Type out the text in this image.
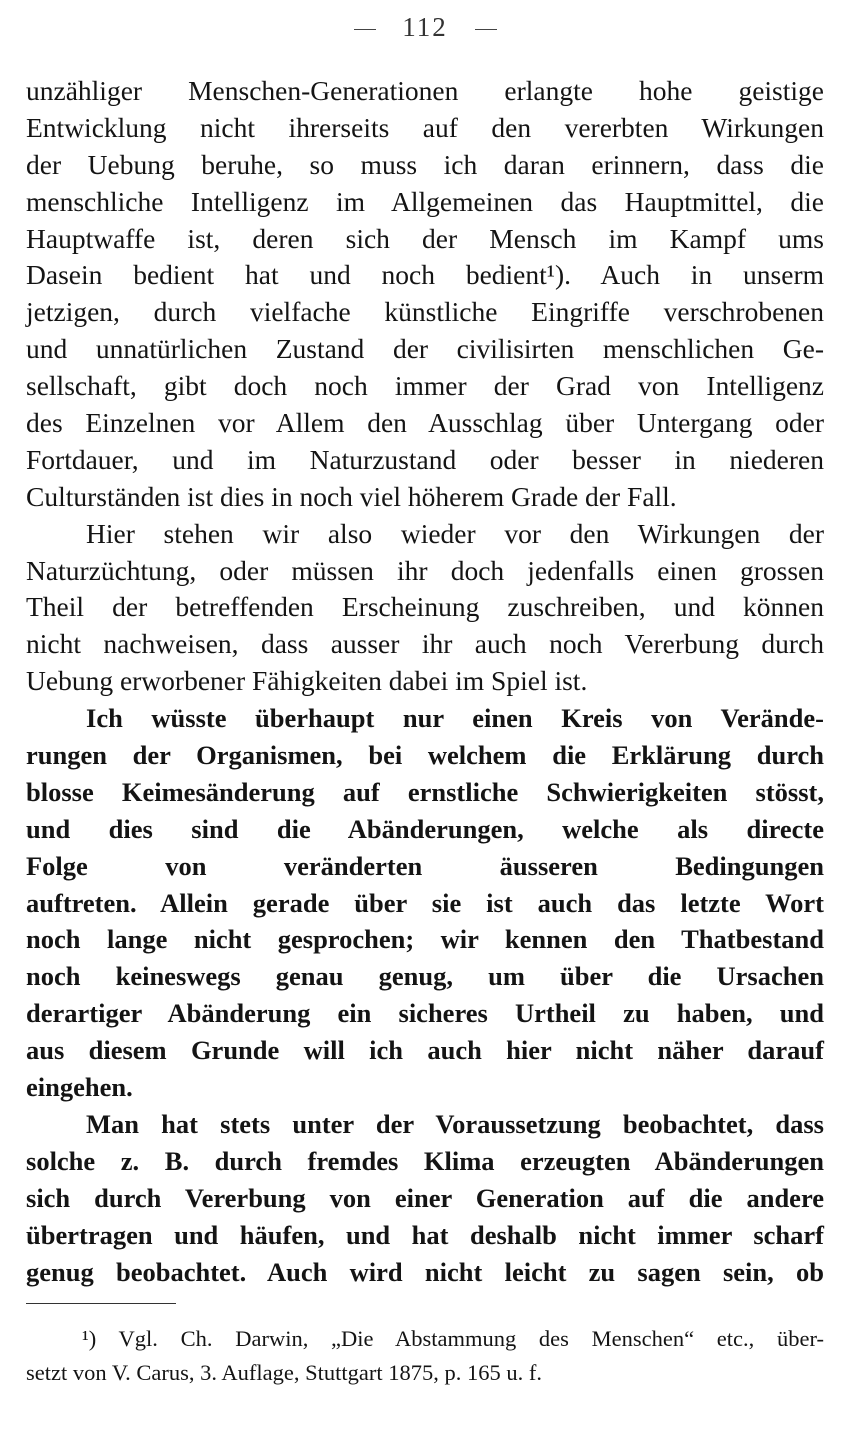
112
unzähliger Menschen-Generationen erlangte hohe geistige
Entwicklung nicht ihrerseits auf den vererbten Wirkungen
der Uebung beruhe, so muss ich daran erinnern, dass die
menschliche Intelligenz im Allgemeinen das Hauptmittel, die
Hauptwaffe ist, deren sich der Mensch im Kampf ums
Dasein bedient hat und noch bedient¹). Auch in unserm
jetzigen, durch vielfache künstliche Eingriffe verschrobenen
und unnatürlichen Zustand der civilisirten menschlichen Ge-
sellschaft, gibt doch noch immer der Grad von Intelligenz
des Einzelnen vor Allem den Ausschlag über Untergang oder
Fortdauer, und im Naturzustand oder besser in niederen
Culturständen ist dies in noch viel höherem Grade der Fall.
Hier stehen wir also wieder vor den Wirkungen der
Naturzüchtung, oder müssen ihr doch jedenfalls einen grossen
Theil der betreffenden Erscheinung zuschreiben, und können
nicht nachweisen, dass ausser ihr auch noch Vererbung durch
Uebung erworbener Fähigkeiten dabei im Spiel ist.
Ich wüsste überhaupt nur einen Kreis von Verände-
rungen der Organismen, bei welchem die Erklärung durch
blosse Keimesänderung auf ernstliche Schwierigkeiten stösst,
und dies sind die Abänderungen, welche als directe
Folge von veränderten äusseren Bedingungen
auftreten. Allein gerade über sie ist auch das letzte Wort
noch lange nicht gesprochen; wir kennen den Thatbestand
noch keineswegs genau genug, um über die Ursachen
derartiger Abänderung ein sicheres Urtheil zu haben, und
aus diesem Grunde will ich auch hier nicht näher darauf
eingehen.
Man hat stets unter der Voraussetzung beobachtet, dass
solche z. B. durch fremdes Klima erzeugten Abänderungen
sich durch Vererbung von einer Generation auf die andere
übertragen und häufen, und hat deshalb nicht immer scharf
genug beobachtet. Auch wird nicht leicht zu sagen sein, ob
¹) Vgl. Ch. Darwin, „Die Abstammung des Menschen“ etc., über-
setzt von V. Carus, 3. Auflage, Stuttgart 1875, p. 165 u. f.
